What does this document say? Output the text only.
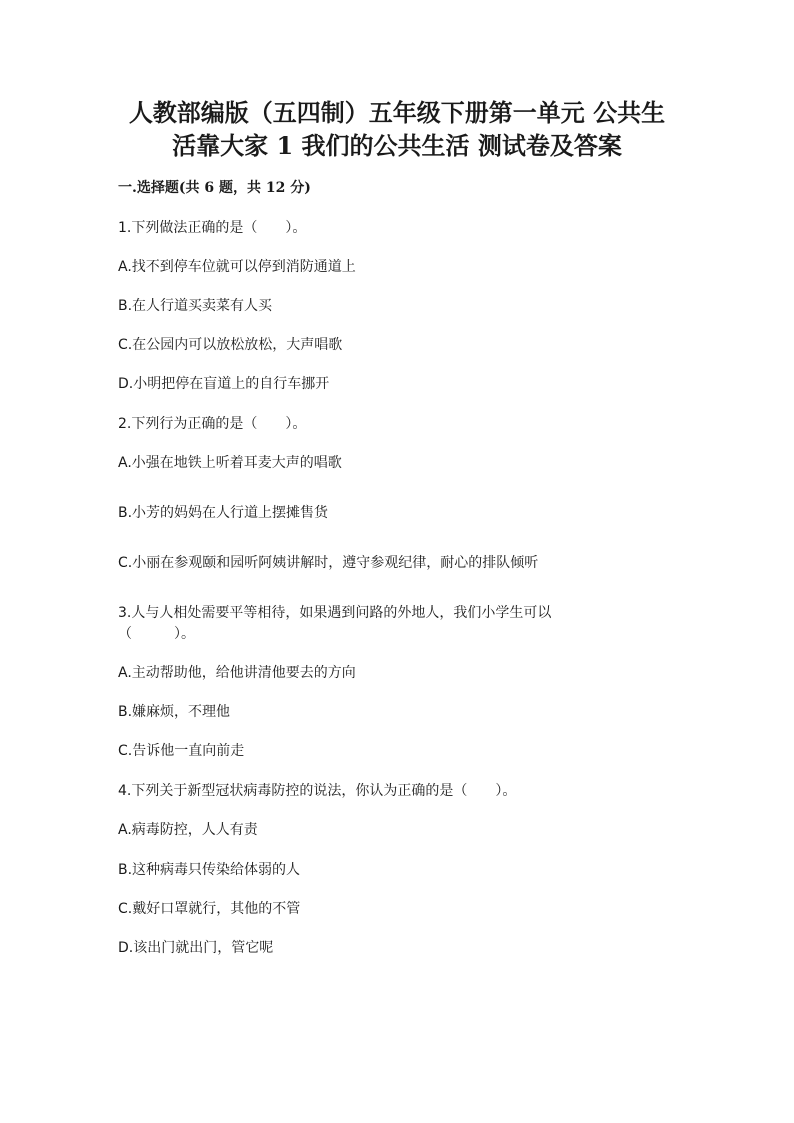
人教部编版（五四制）五年级下册第一单元 公共生
活靠大家 1 我们的公共生活 测试卷及答案
一.选择题(共 6 题，共 12 分)
1.下列做法正确的是（　　）。
A.找不到停车位就可以停到消防通道上
B.在人行道买卖菜有人买
C.在公园内可以放松放松，大声唱歌
D.小明把停在盲道上的自行车挪开
2.下列行为正确的是（　　）。
A.小强在地铁上听着耳麦大声的唱歌
B.小芳的妈妈在人行道上摆摊售货
C.小丽在参观颐和园听阿姨讲解时，遵守参观纪律，耐心的排队倾听
3.人与人相处需要平等相待，如果遇到问路的外地人，我们小学生可以
（　　　）。
A.主动帮助他，给他讲清他要去的方向
B.嫌麻烦，不理他
C.告诉他一直向前走
4.下列关于新型冠状病毒防控的说法，你认为正确的是（　　）。
A.病毒防控，人人有责
B.这种病毒只传染给体弱的人
C.戴好口罩就行，其他的不管
D.该出门就出门，管它呢
